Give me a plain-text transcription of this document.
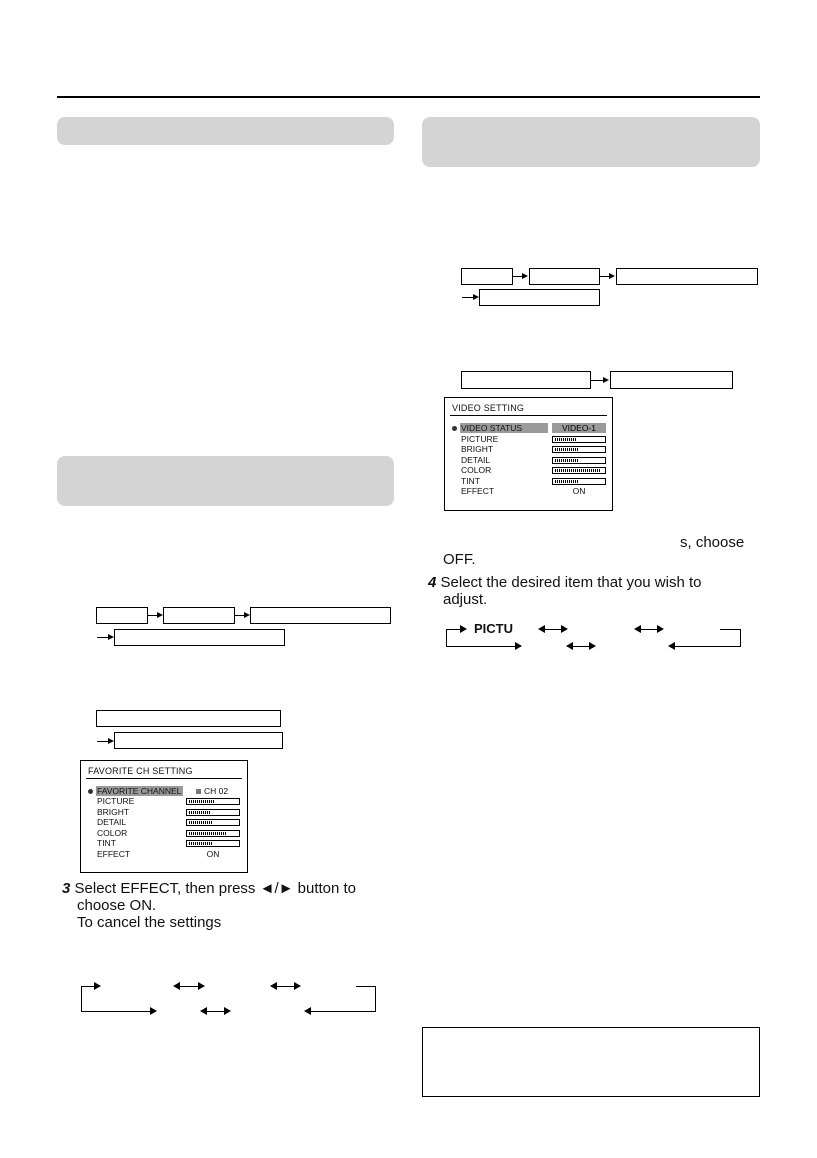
FAVORITE CH SETTING
FAVORITE CHANNEL	CH 02
PICTURE
BRIGHT
DETAIL
COLOR
TINT
EFFECT	ON
3 Select EFFECT, then press ◄/► button to
choose ON.
To cancel the settings
VIDEO SETTING
VIDEO STATUS	VIDEO-1
PICTURE
BRIGHT
DETAIL
COLOR
TINT
EFFECT	ON
s, choose
OFF.
4 Select the desired item that you wish to
adjust.
PICTU
